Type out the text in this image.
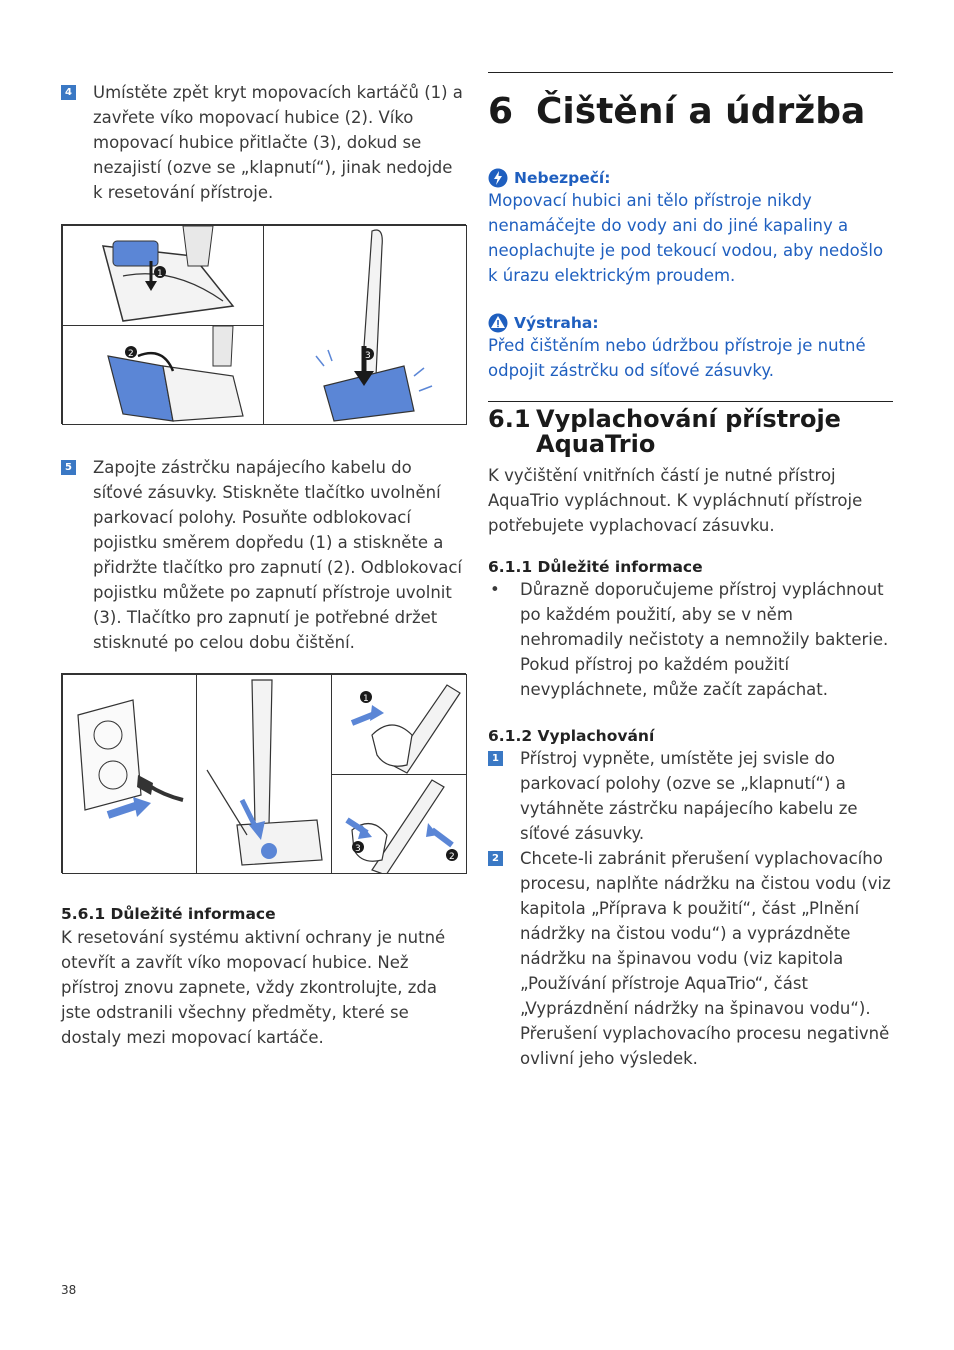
4 Umístěte zpět kryt mopovacích kartáčů (1) a zavřete víko mopovací hubice (2). Víko mopovací hubice přitlačte (3), dokud se nezajistí (ozve se „klapnutí“), jinak nedojde k resetování přístroje.
1
2	3
5 Zapojte zástrčku napájecího kabelu do síťové zásuvky. Stiskněte tlačítko uvolnění parkovací polohy. Posuňte odblokovací pojistku směrem dopředu (1) a stiskněte a přidržte tlačítko pro zapnutí (2). Odblokovací pojistku můžete po zapnutí přístroje uvolnit (3). Tlačítko pro zapnutí je potřebné držet stisknuté po celou dobu čištění.
1
2
3
5.6.1 Důležité informace
K resetování systému aktivní ochrany je nutné otevřít a zavřít víko mopovací hubice. Než přístroj znovu zapnete, vždy zkontrolujte, zda jste odstranili všechny předměty, které se dostaly mezi mopovací kartáče.
6 Čištění a údržba
Nebezpečí:
Mopovací hubici ani tělo přístroje nikdy nenamáčejte do vody ani do jiné kapaliny a neoplachujte je pod tekoucí vodou, aby nedošlo k úrazu elektrickým proudem.
Výstraha:
Před čištěním nebo údržbou přístroje je nutné odpojit zástrčku od síťové zásuvky.
6.1 Vyplachování přístroje AquaTrio
K vyčištění vnitřních částí je nutné přístroj AquaTrio vypláchnout. K vypláchnutí přístroje potřebujete vyplachovací zásuvku.
6.1.1 Důležité informace
• Důrazně doporučujeme přístroj vypláchnout po každém použití, aby se v něm nehromadily nečistoty a nemnožily bakterie. Pokud přístroj po každém použití nevypláchnete, může začít zapáchat.
6.1.2 Vyplachování
1 Přístroj vypněte, umístěte jej svisle do parkovací polohy (ozve se „klapnutí“) a vytáhněte zástrčku napájecího kabelu ze síťové zásuvky.
2 Chcete-li zabránit přerušení vyplachovacího procesu, naplňte nádržku na čistou vodu (viz kapitola „Příprava k použití“, část „Plnění nádržky na čistou vodu“) a vyprázdněte nádržku na špinavou vodu (viz kapitola „Používání přístroje AquaTrio“, část „Vyprázdnění nádržky na špinavou vodu“). Přerušení vyplachovacího procesu negativně ovlivní jeho výsledek.
38
